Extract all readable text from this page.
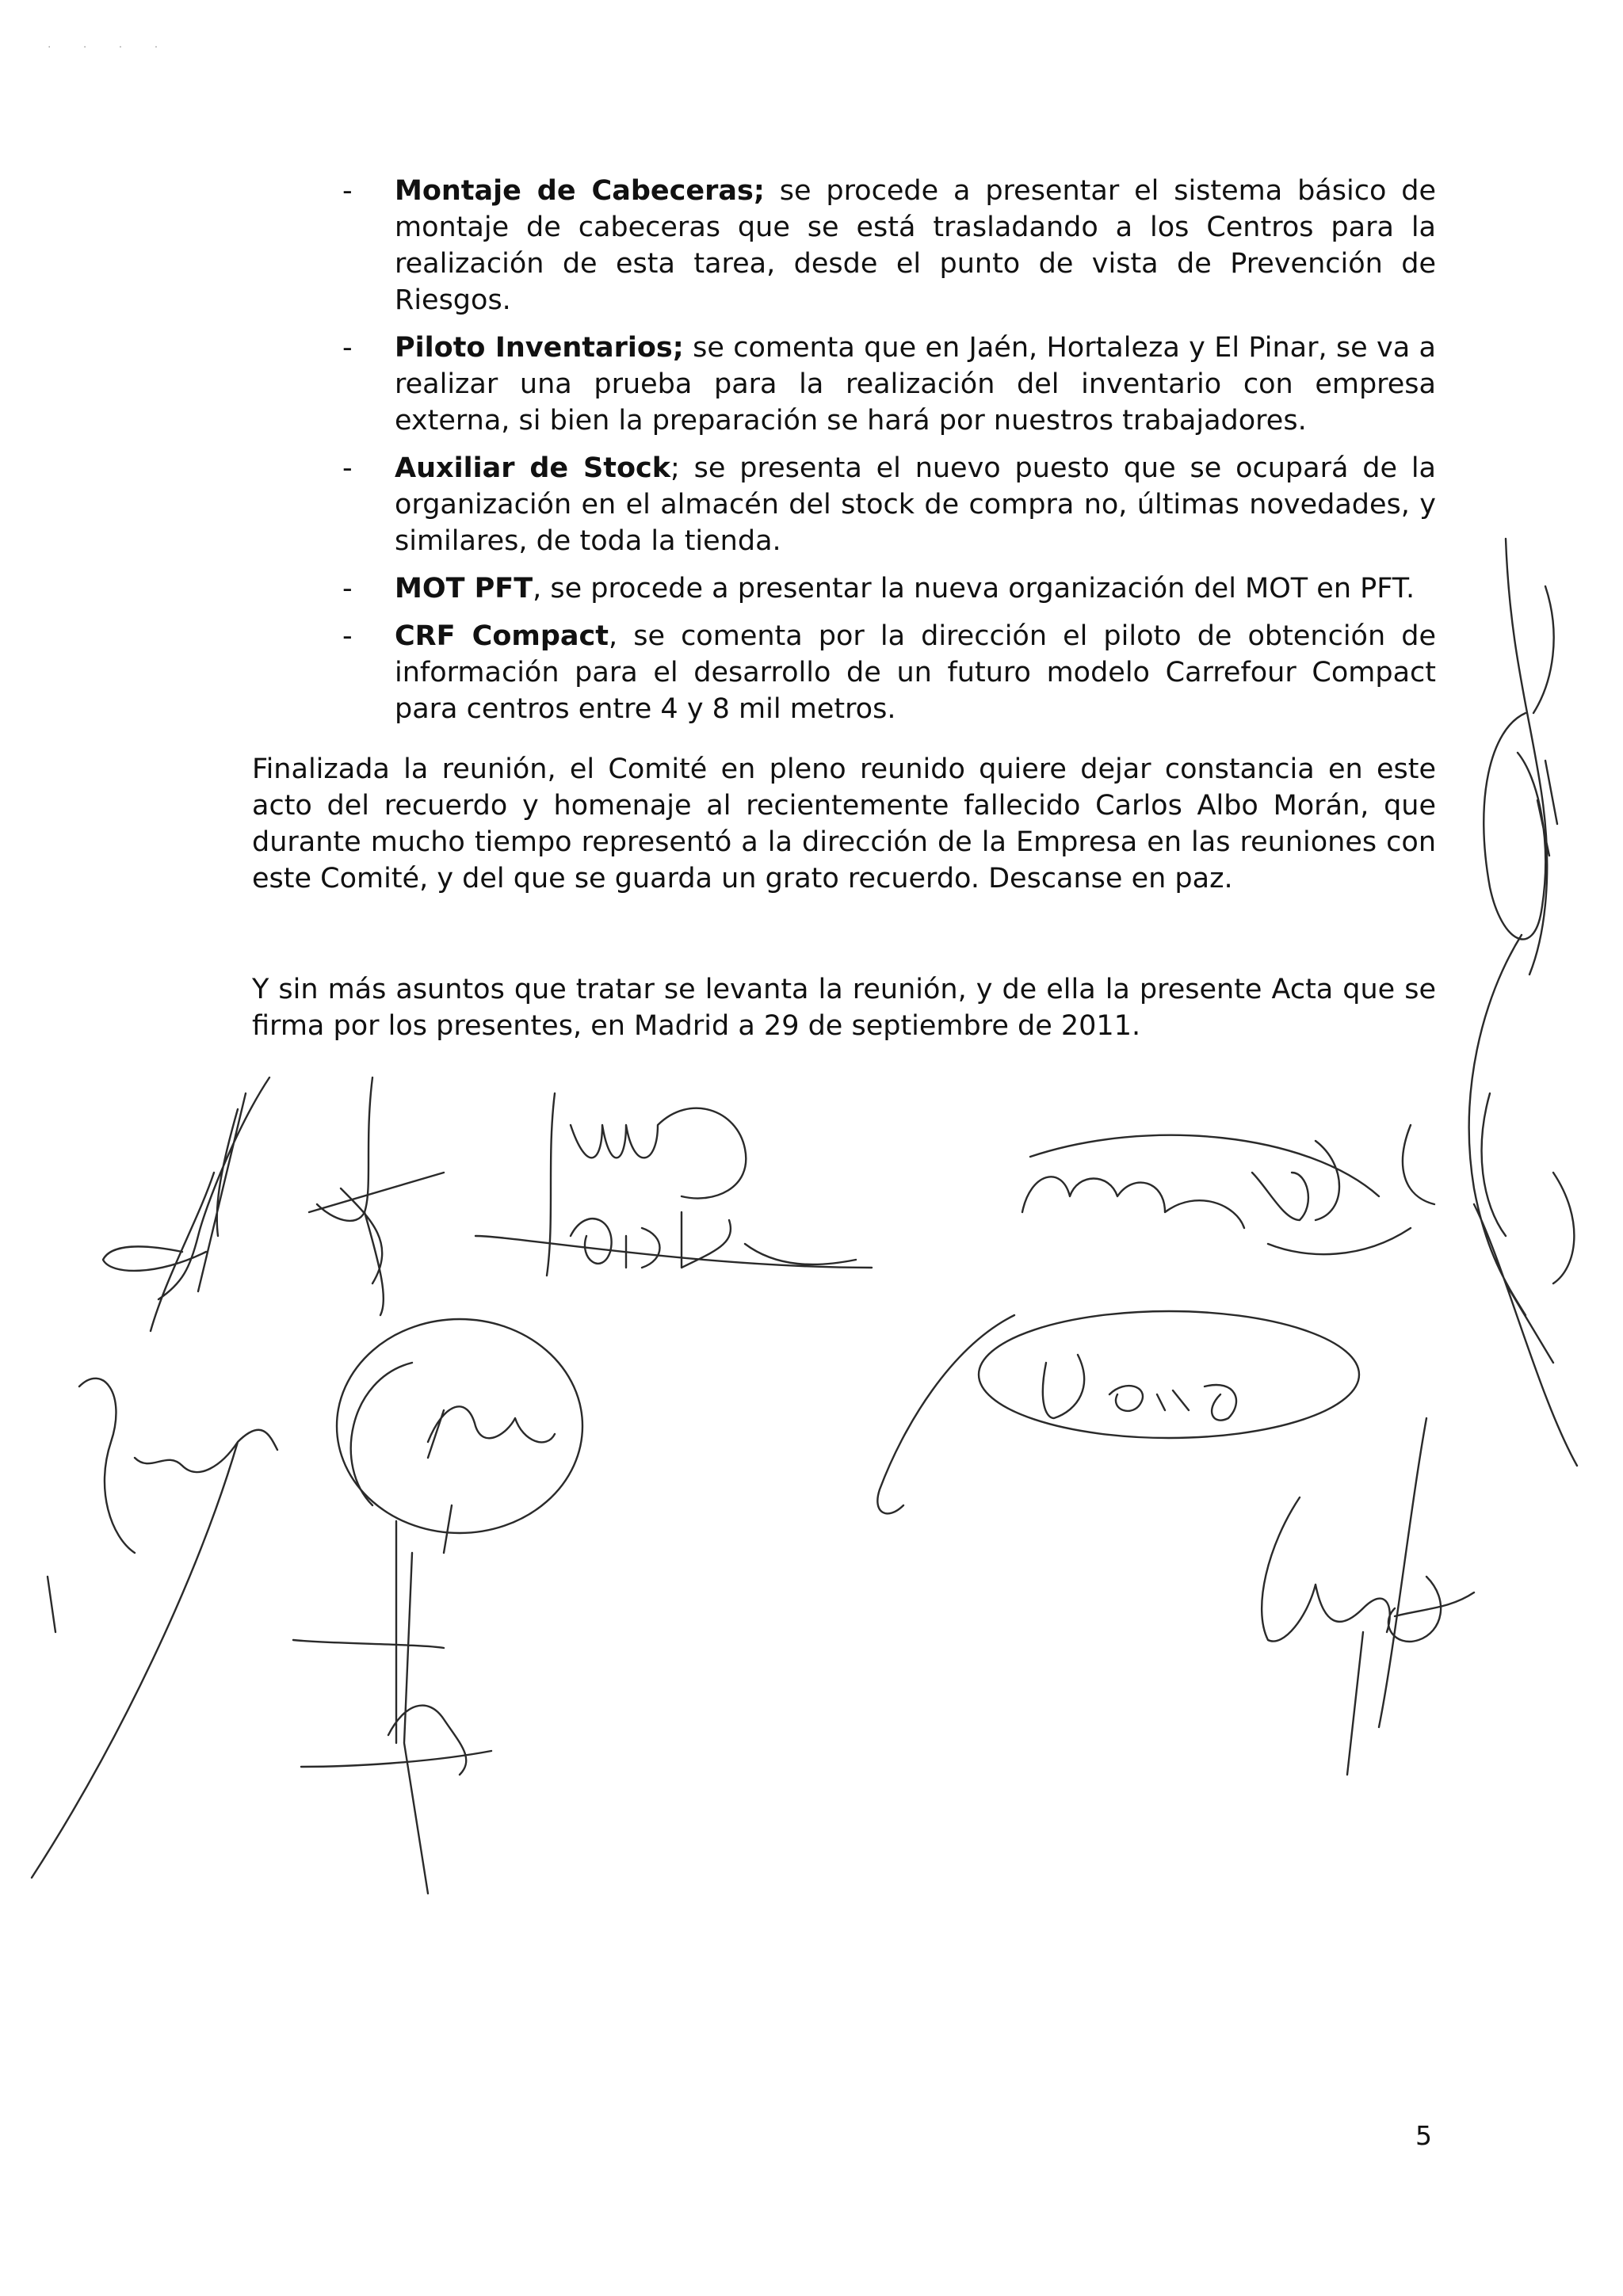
· · · ·
- Montaje de Cabeceras; se procede a presentar el sistema básico de montaje de cabeceras que se está trasladando a los Centros para la realización de esta tarea, desde el punto de vista de Prevención de Riesgos.
- Piloto Inventarios; se comenta que en Jaén, Hortaleza y El Pinar, se va a realizar una prueba para la realización del inventario con empresa externa, si bien la preparación se hará por nuestros trabajadores.
- Auxiliar de Stock; se presenta el nuevo puesto que se ocupará de la organización en el almacén del stock de compra no, últimas novedades, y similares, de toda la tienda.
- MOT PFT, se procede a presentar la nueva organización del MOT en PFT.
- CRF Compact, se comenta por la dirección el piloto de obtención de información para el desarrollo de un futuro modelo Carrefour Compact para centros entre 4 y 8 mil metros.

Finalizada la reunión, el Comité en pleno reunido quiere dejar constancia en este acto del recuerdo y homenaje al recientemente fallecido Carlos Albo Morán, que durante mucho tiempo representó a la dirección de la Empresa en las reuniones con este Comité, y del que se guarda un grato recuerdo. Descanse en paz.

Y sin más asuntos que tratar se levanta la reunión, y de ella la presente Acta que se firma por los presentes, en Madrid a 29 de septiembre de 2011.

5
